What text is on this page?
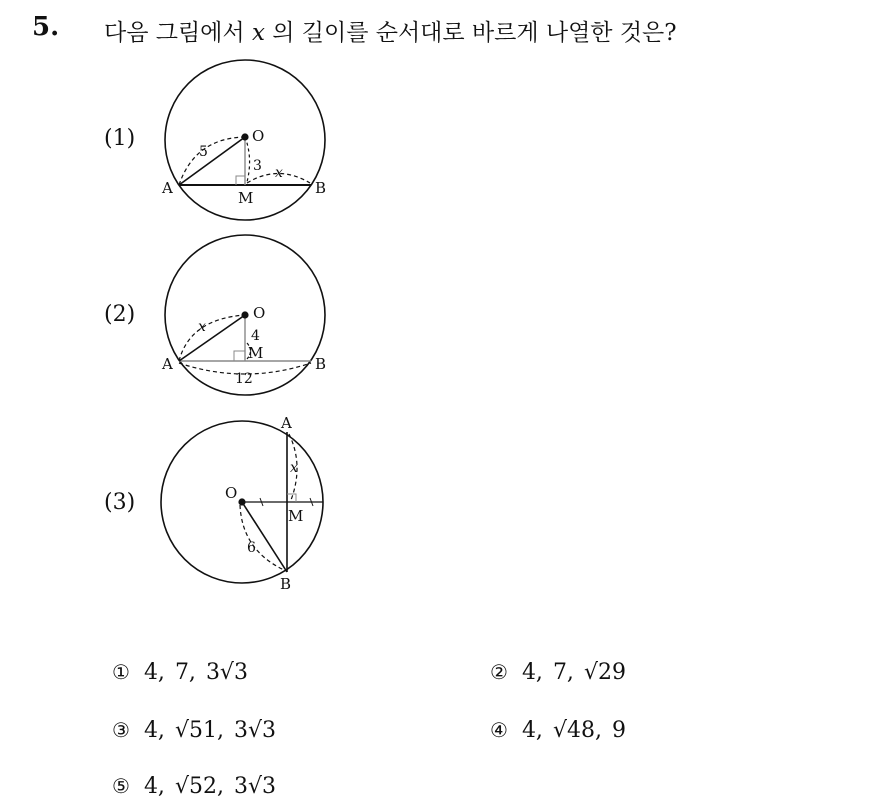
5. 다음 그림에서 x 의 길이를 순서대로 바르게 나열한 것은?
(1)	O
A	B
M
5
3 x
(2)	O
A	B
M
x
4
12
(3)	O
A
B
M
x
6
① 4, 7, 3√3	② 4, 7, √29
③ 4, √51, 3√3	④ 4, √48, 9
⑤ 4, √52, 3√3
